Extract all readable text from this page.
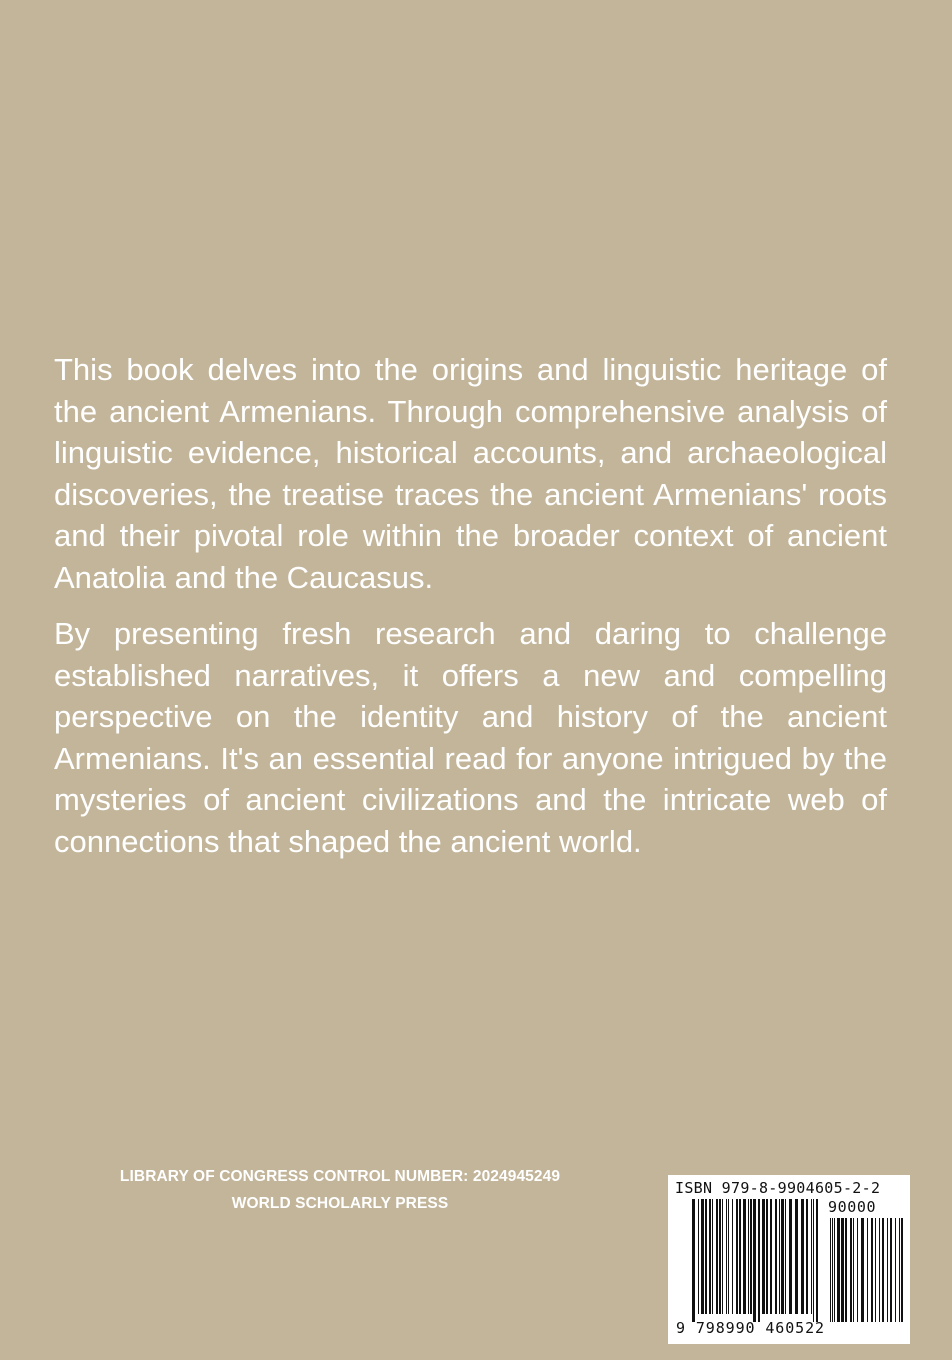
This book delves into the origins and linguistic heritage of the ancient Armenians. Through comprehensive analysis of linguistic evidence, historical accounts, and archaeological discoveries, the treatise traces the ancient Armenians' roots and their pivotal role within the broader context of ancient Anatolia and the Caucasus.

By presenting fresh research and daring to challenge established narratives, it offers a new and compelling perspective on the identity and history of the ancient Armenians. It's an essential read for anyone intrigued by the mysteries of ancient civilizations and the intricate web of connections that shaped the ancient world.

LIBRARY OF CONGRESS CONTROL NUMBER: 2024945249
WORLD SCHOLARLY PRESS
ISBN 979-8-9904605-2-2
90000
9 798990 460522
